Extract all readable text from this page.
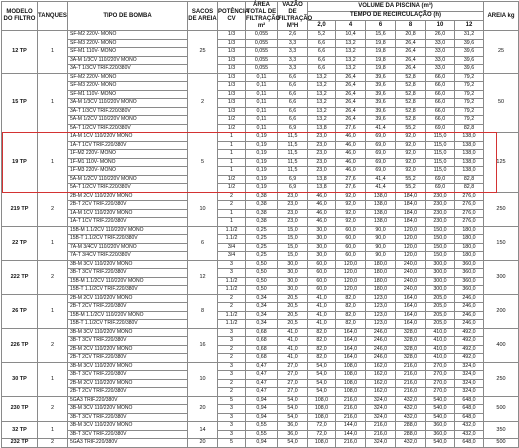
MODELO DO FILTRO	TANQUES	TIPO DE BOMBA	SACOS DE AREIA	POTÊNCIA CV	ÁREA TOTAL DE FILTRAÇÃO m²	VAZÃO DE FILTRAÇÃO M³H	VOLUME DA PISCINA (m³)						AREIA kg
							TEMPO DE RECIRCULAÇÃO (h)						
							2,0	4	6	8	10	12	
12 TP	1	SF-M2 220V- MONO	25	1/3	0,055	2,6	5,2	10,4	15,6	20,8	26,0	31,2	25
		SF-M3 220V- MONO		1/3	0,055	3,3	6,6	13,2	19,8	26,4	33,0	39,6	
		SF-M1 110V- MONO		1/3	0,055	3,3	6,6	13,2	19,8	26,4	33,0	39,6	
		3A-M 1/3CV 110/220V MONO		1/3	0,055	3,3	6,6	13,2	19,8	26,4	33,0	39,6	
		3A-T 1/3CV TRIF.220/380V		1/3	0,055	3,3	6,6	13,2	19,8	26,4	33,0	39,6	
15 TP	1	SF-M2 220V- MONO	2	1/3	0,11	6,6	13,2	26,4	39,6	52,8	66,0	79,2	50
		SF-M3 220V- MONO		1/3	0,11	6,6	13,2	26,4	39,6	52,8	66,0	79,2	
		SF-M1 110V- MONO		1/3	0,11	6,6	13,2	26,4	39,6	52,8	66,0	79,2	
		3A-M 1/3CV 110/220V MONO		1/3	0,11	6,6	13,2	26,4	39,6	52,8	66,0	79,2	
		3A-T 1/3CV TRIF.220/380V		1/3	0,11	6,6	13,2	26,4	39,6	52,8	66,0	79,2	
		5A-M 1/2CV 110/220V MONO		1/2	0,11	6,6	13,2	26,4	39,6	52,8	66,0	79,2	
		5A-T 1/2CV TRIF.220/380V		1/2	0,11	6,9	13,8	27,6	41,4	55,2	69,0	82,8	
19 TP	1	1A-M 1CV 110/220V MONO	5	1	0,19	11,5	23,0	46,0	69,0	92,0	115,0	138,0	125
		1A-T 1CV TRIF.220/380V		1	0,19	11,5	23,0	46,0	69,0	92,0	115,0	138,0	
		1F-M2 220V- MONO		1	0,19	11,5	23,0	46,0	69,0	92,0	115,0	138,0	
		1F-M1 110V- MONO		1	0,19	11,5	23,0	46,0	69,0	92,0	115,0	138,0	
		1F-M3 220V- MONO		1	0,19	11,5	23,0	46,0	69,0	92,0	115,0	138,0	
		5A-M 1/2CV 110/220V MONO		1/2	0,19	6,9	13,8	27,6	41,4	55,2	69,0	82,8	
		5A-T 1/2CV TRIF.220/380V		1/2	0,19	6,9	13,8	27,6	41,4	55,2	69,0	82,8	
219 TP	2	2B-M 2CV 110/220V MONO	10	2	0,38	23,0	46,0	92,0	138,0	184,0	230,0	276,0	250
		2B-T 2CV TRIF.220/380V		2	0,38	23,0	46,0	92,0	138,0	184,0	230,0	276,0	
		1A-M 1CV 110/220V MONO		1	0,38	23,0	46,0	92,0	138,0	184,0	230,0	276,0	
		1A-T 1CV TRIF.220/380V		1	0,38	23,0	46,0	92,0	138,0	184,0	230,0	276,0	
22 TP	1	15B-M 1.1/2CV 110/220V MONO	6	1.1/2	0,25	15,0	30,0	60,0	90,0	120,0	150,0	180,0	150
		15B-T 1.1/2CV TRIF.220/380V		1.1/2	0,25	15,0	30,0	60,0	90,0	120,0	150,0	180,0	
		7A-M 3/4CV 110/220V MONO		3/4	0,25	15,0	30,0	60,0	90,0	120,0	150,0	180,0	
		7A-T 3/4CV TRIF.220/380V		3/4	0,25	15,0	30,0	60,0	90,0	120,0	150,0	180,0	
222 TP	2	3B-M 3CV 110/220V MONO	12	3	0,50	30,0	60,0	120,0	180,0	240,0	300,0	360,0	300
		3B-T 3CV TRIF.220/380V		3	0,50	30,0	60,0	120,0	180,0	240,0	300,0	360,0	
		15B-M 1.1/2CV 110/220V MONO		1.1/2	0,50	30,0	60,0	120,0	180,0	240,0	300,0	360,0	
		15B-T 1.1/2CV TRIF.220/380V		1.1/2	0,50	30,0	60,0	120,0	180,0	240,0	300,0	360,0	
26 TP	1	2B-M 2CV 110/220V MONO	8	2	0,34	20,5	41,0	82,0	123,0	164,0	205,0	246,0	200
		2B-T 2CV TRIF.220/380V		2	0,34	20,5	41,0	82,0	123,0	164,0	205,0	246,0	
		15B-M 1.1/2CV 110/220V MONO		1.1/2	0,34	20,5	41,0	82,0	123,0	164,0	205,0	246,0	
		15B-T 1.1/2CV TRIF.220/380V		1.1/2	0,34	20,5	41,0	82,0	123,0	164,0	205,0	246,0	
226 TP	2	3B-M 3CV 110/220V MONO	16	3	0,68	41,0	82,0	164,0	246,0	328,0	410,0	492,0	400
		3B-T 3CV TRIF.220/380V		3	0,68	41,0	82,0	164,0	246,0	328,0	410,0	492,0	
		2B-M 2CV 110/220V MONO		2	0,68	41,0	82,0	164,0	246,0	328,0	410,0	492,0	
		2B-T 2CV TRIF.220/380V		2	0,68	41,0	82,0	164,0	246,0	328,0	410,0	492,0	
30 TP	1	3B-M 3CV 110/220V MONO	10	3	0,47	27,0	54,0	108,0	162,0	216,0	270,0	324,0	250
		3B-T 3CV TRIF.220/380V		3	0,47	27,0	54,0	108,0	162,0	216,0	270,0	324,0	
		2B-M 2CV 110/220V MONO		2	0,47	27,0	54,0	108,0	162,0	216,0	270,0	324,0	
		2B-T 2CV TRIF.220/380V		2	0,47	27,0	54,0	108,0	162,0	216,0	270,0	324,0	
230 TP	2	5GA3 TRIF.220/380V	20	5	0,94	54,0	108,0	216,0	324,0	432,0	540,0	648,0	500
		3B-M 3CV 110/220V MONO		3	0,94	54,0	108,0	216,0	324,0	432,0	540,0	648,0	
		3B-T 3CV TRIF.220/380V		3	0,94	54,0	108,0	216,0	324,0	432,0	540,0	648,0	
32 TP	1	3B-M 3CV 110/220V MONO	14	3	0,55	36,0	72,0	144,0	216,0	288,0	360,0	432,0	350
		3B-T 3CV TRIF.220/380V		3	0,55	36,0	72,0	144,0	216,0	288,0	360,0	432,0	
232 TP	2	5GA3 TRIF.220/380V	20	5	0,94	54,0	108,0	216,0	324,0	432,0	540,0	648,0	500
